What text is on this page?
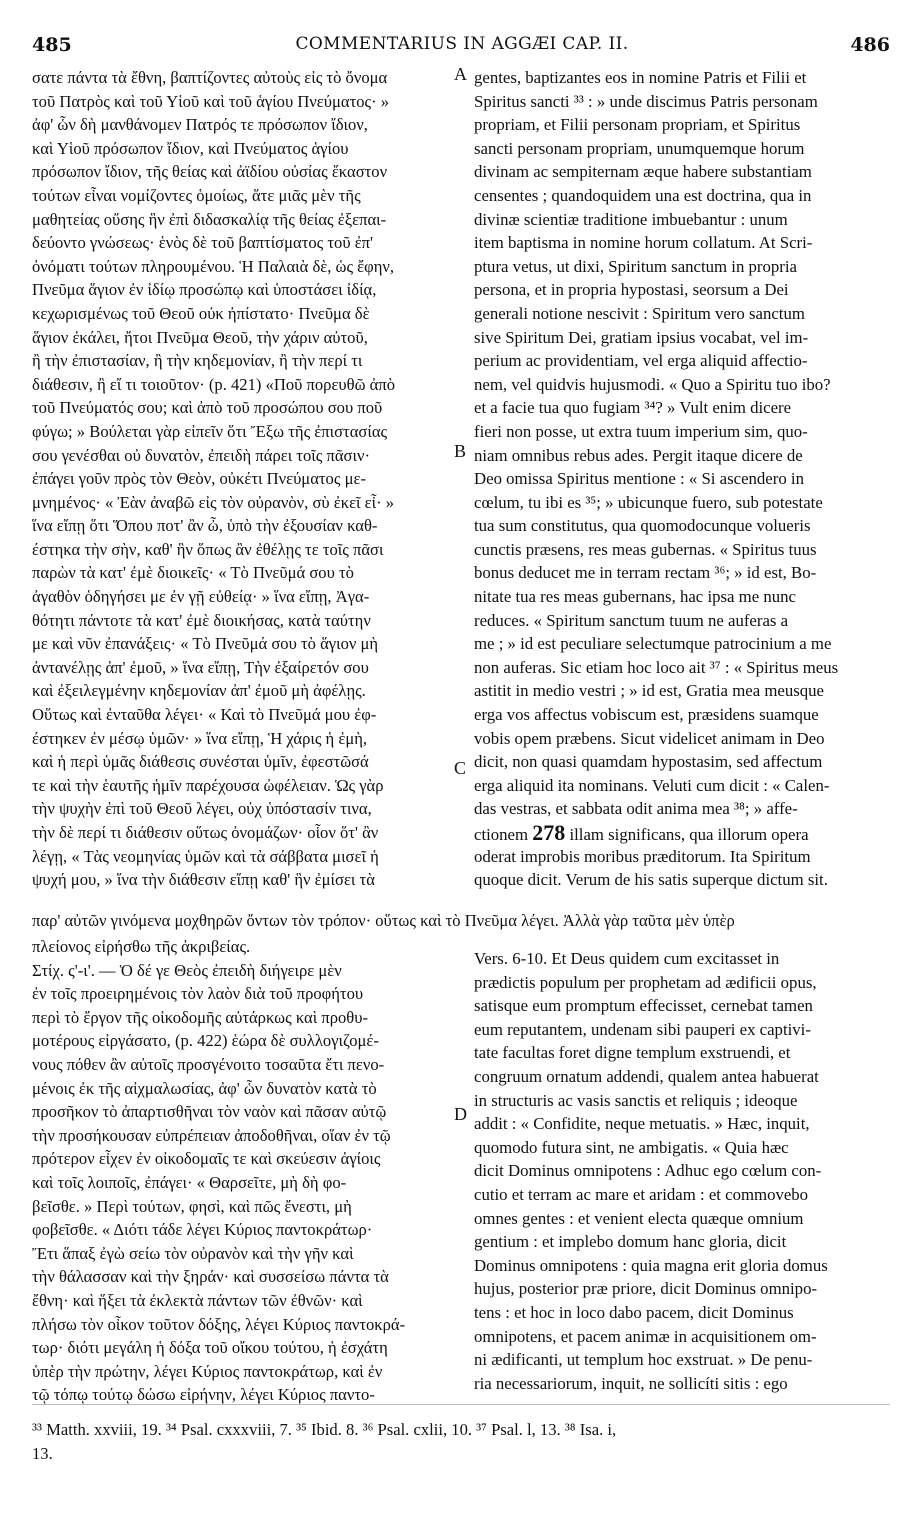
485	COMMENTARIUS IN AGGÆI CAP. II.	486
σατε πάντα τὰ ἔθνη, βαπτίζοντες αὐτοὺς εἰς τὸ ὄνομα
τοῦ Πατρὸς καὶ τοῦ Υἱοῦ καὶ τοῦ ἁγίου Πνεύματος· »
ἀφ' ὧν δὴ μανθάνομεν Πατρός τε πρόσωπον ἴδιον,
καὶ Υἱοῦ πρόσωπον ἴδιον, καὶ Πνεύματος ἁγίου
πρόσωπον ἴδιον, τῆς θείας καὶ ἀϊδίου οὐσίας ἕκαστον
τούτων εἶναι νομίζοντες ὁμοίως, ἅτε μιᾶς μὲν τῆς
μαθητείας οὔσης ἣν ἐπὶ διδασκαλίᾳ τῆς θείας ἐξεπαι-
δεύοντο γνώσεως· ἑνὸς δὲ τοῦ βαπτίσματος τοῦ ἐπ'
ὀνόματι τούτων πληρουμένου. Ἡ Παλαιὰ δὲ, ὡς ἔφην,
Πνεῦμα ἅγιον ἐν ἰδίῳ προσώπῳ καὶ ὑποστάσει ἰδίᾳ,
κεχωρισμένως τοῦ Θεοῦ οὐκ ἠπίστατο· Πνεῦμα δὲ
ἅγιον ἐκάλει, ἤτοι Πνεῦμα Θεοῦ, τὴν χάριν αὐτοῦ,
ἢ τὴν ἐπιστασίαν, ἢ τὴν κηδεμονίαν, ἢ τὴν περί τι
διάθεσιν, ἢ εἴ τι τοιοῦτον· (p. 421) «Ποῦ πορευθῶ ἀπὸ
τοῦ Πνεύματός σου; καὶ ἀπὸ τοῦ προσώπου σου ποῦ
φύγω; » Βούλεται γὰρ εἰπεῖν ὅτι Ἔξω τῆς ἐπιστασίας
σου γενέσθαι οὐ δυνατὸν, ἐπειδὴ πάρει τοῖς πᾶσιν·
ἐπάγει γοῦν πρὸς τὸν Θεὸν, οὐκέτι Πνεύματος με-
μνημένος· « Ἐὰν ἀναβῶ εἰς τὸν οὐρανὸν, σὺ ἐκεῖ εἶ· »
ἵνα εἴπῃ ὅτι Ὅπου ποτ' ἂν ὦ, ὑπὸ τὴν ἐξουσίαν καθ-
έστηκα τὴν σὴν, καθ' ἣν ὅπως ἂν ἐθέλῃς τε τοῖς πᾶσι
παρὼν τὰ κατ' ἐμὲ διοικεῖς· « Τὸ Πνεῦμά σου τὸ
ἀγαθὸν ὁδηγήσει με ἐν γῇ εὐθείᾳ· » ἵνα εἴπῃ, Ἀγα-
θότητι πάντοτε τὰ κατ' ἐμὲ διοικήσας, κατὰ ταύτην
με καὶ νῦν ἐπανάξεις· « Τὸ Πνεῦμά σου τὸ ἅγιον μὴ
ἀντανέλῃς ἀπ' ἐμοῦ, » ἵνα εἴπῃ, Τὴν ἐξαίρετόν σου
καὶ ἐξειλεγμένην κηδεμονίαν ἀπ' ἐμοῦ μὴ ἀφέλῃς.
Οὕτως καὶ ἐνταῦθα λέγει· « Καὶ τὸ Πνεῦμά μου ἐφ-
έστηκεν ἐν μέσῳ ὑμῶν· » ἵνα εἴπῃ, Ἡ χάρις ἡ ἐμὴ,
καὶ ἡ περὶ ὑμᾶς διάθεσις συνέσται ὑμῖν, ἐφεστῶσά
τε καὶ τὴν ἑαυτῆς ἡμῖν παρέχουσα ὠφέλειαν. Ὡς γὰρ
τὴν ψυχὴν ἐπὶ τοῦ Θεοῦ λέγει, οὐχ ὑπόστασίν τινα,
τὴν δὲ περί τι διάθεσιν οὕτως ὀνομάζων· οἷον ὅτ' ἂν
λέγῃ, « Τὰς νεομηνίας ὑμῶν καὶ τὰ σάββατα μισεῖ ἡ
ψυχή μου, » ἵνα τὴν διάθεσιν εἴπῃ καθ' ἣν ἐμίσει τὰ
gentes, baptizantes eos in nomine Patris et Filii et
Spiritus sancti ³³ : » unde discimus Patris personam
propriam, et Filii personam propriam, et Spiritus
sancti personam propriam, unumquemque horum
divinam ac sempiternam æque habere substantiam
censentes ; quandoquidem una est doctrina, qua in
divinæ scientiæ traditione imbuebantur : unum
item baptisma in nomine horum collatum. At Scri-
ptura vetus, ut dixi, Spiritum sanctum in propria
persona, et in propria hypostasi, seorsum a Dei
generali notione nescivit : Spiritum vero sanctum
sive Spiritum Dei, gratiam ipsius vocabat, vel im-
perium ac providentiam, vel erga aliquid affectio-
nem, vel quidvis hujusmodi. « Quo a Spiritu tuo ibo?
et a facie tua quo fugiam ³⁴? » Vult enim dicere
fieri non posse, ut extra tuum imperium sim, quo-
niam omnibus rebus ades. Pergit itaque dicere de
Deo omissa Spiritus mentione : « Si ascendero in
cœlum, tu ibi es ³⁵; » ubicunque fuero, sub potestate
tua sum constitutus, qua quomodocunque volueris
cunctis præsens, res meas gubernas. « Spiritus tuus
bonus deducet me in terram rectam ³⁶; » id est, Bo-
nitate tua res meas gubernans, hac ipsa me nunc
reduces. « Spiritum sanctum tuum ne auferas a
me ; » id est peculiare selectumque patrocinium a me
non auferas. Sic etiam hoc loco ait ³⁷ : « Spiritus meus
astitit in medio vestri ; » id est, Gratia mea meusque
erga vos affectus vobiscum est, præsidens suamque
vobis opem præbens. Sicut videlicet animam in Deo
dicit, non quasi quamdam hypostasim, sed affectum
erga aliquid ita nominans. Veluti cum dicit : « Calen-
das vestras, et sabbata odit anima mea ³⁸; » affe-
ctionem 278 illam significans, qua illorum opera
oderat improbis moribus præditorum. Ita Spiritum
quoque dicit. Verum de his satis superque dictum sit.
παρ' αὐτῶν γινόμενα μοχθηρῶν ὄντων τὸν τρόπον· οὕτως καὶ τὸ Πνεῦμα λέγει. Ἀλλὰ γὰρ ταῦτα μὲν ὑπὲρ
πλείονος εἰρήσθω τῆς ἀκριβείας.
Στίχ. ς'-ι'. — Ὁ δέ γε Θεὸς ἐπειδὴ διήγειρε μὲν
ἐν τοῖς προειρημένοις τὸν λαὸν διὰ τοῦ προφήτου
περὶ τὸ ἔργον τῆς οἰκοδομῆς αὐτάρκως καὶ προθυ-
μοτέρους εἰργάσατο, (p. 422) ἑώρα δὲ συλλογιζομέ-
νους πόθεν ἂν αὐτοῖς προσγένοιτο τοσαῦτα ἔτι πενο-
μένοις ἐκ τῆς αἰχμαλωσίας, ἀφ' ὧν δυνατὸν κατὰ τὸ
προσῆκον τὸ ἀπαρτισθῆναι τὸν ναὸν καὶ πᾶσαν αὐτῷ
τὴν προσήκουσαν εὐπρέπειαν ἀποδοθῆναι, οἵαν ἐν τῷ
πρότερον εἶχεν ἐν οἰκοδομαῖς τε καὶ σκεύεσιν ἁγίοις
καὶ τοῖς λοιποῖς, ἐπάγει· « Θαρσεῖτε, μὴ δὴ φο-
βεῖσθε. » Περὶ τούτων, φησὶ, καὶ πῶς ἔνεστι, μὴ
φοβεῖσθε. « Διότι τάδε λέγει Κύριος παντοκράτωρ·
Ἔτι ἅπαξ ἐγὼ σείω τὸν οὐρανὸν καὶ τὴν γῆν καὶ
τὴν θάλασσαν καὶ τὴν ξηράν· καὶ συσσείσω πάντα τὰ
ἔθνη· καὶ ἥξει τὰ ἐκλεκτὰ πάντων τῶν ἐθνῶν· καὶ
πλήσω τὸν οἶκον τοῦτον δόξης, λέγει Κύριος παντοκρά-
τωρ· διότι μεγάλη ἡ δόξα τοῦ οἴκου τούτου, ἡ ἐσχάτη
ὑπὲρ τὴν πρώτην, λέγει Κύριος παντοκράτωρ, καὶ ἐν
τῷ τόπῳ τούτῳ δώσω εἰρήνην, λέγει Κύριος παντο-
Vers. 6-10. Et Deus quidem cum excitasset in
prædictis populum per prophetam ad ædificii opus,
satisque eum promptum effecisset, cernebat tamen
eum reputantem, undenam sibi pauperi ex captivi-
tate facultas foret digne templum exstruendi, et
congruum ornatum addendi, qualem antea habuerat
in structuris ac vasis sanctis et reliquis ; ideoque
addit : « Confidite, neque metuatis. » Hæc, inquit,
quomodo futura sint, ne ambigatis. « Quia hæc
dicit Dominus omnipotens : Adhuc ego cœlum con-
cutio et terram ac mare et aridam : et commovebo
omnes gentes : et venient electa quæque omnium
gentium : et implebo domum hanc gloria, dicit
Dominus omnipotens : quia magna erit gloria domus
hujus, posterior præ priore, dicit Dominus omnipo-
tens : et hoc in loco dabo pacem, dicit Dominus
omnipotens, et pacem animæ in acquisitionem om-
ni ædificanti, ut templum hoc exstruat. » De penu-
ria necessariorum, inquit, ne sollicíti sitis : ego
A
B
C
D
³³ Matth. xxviii, 19. ³⁴ Psal. cxxxviii, 7. ³⁵ Ibid. 8. ³⁶ Psal. cxlii, 10. ³⁷ Psal. l, 13. ³⁸ Isa. i,
13.
